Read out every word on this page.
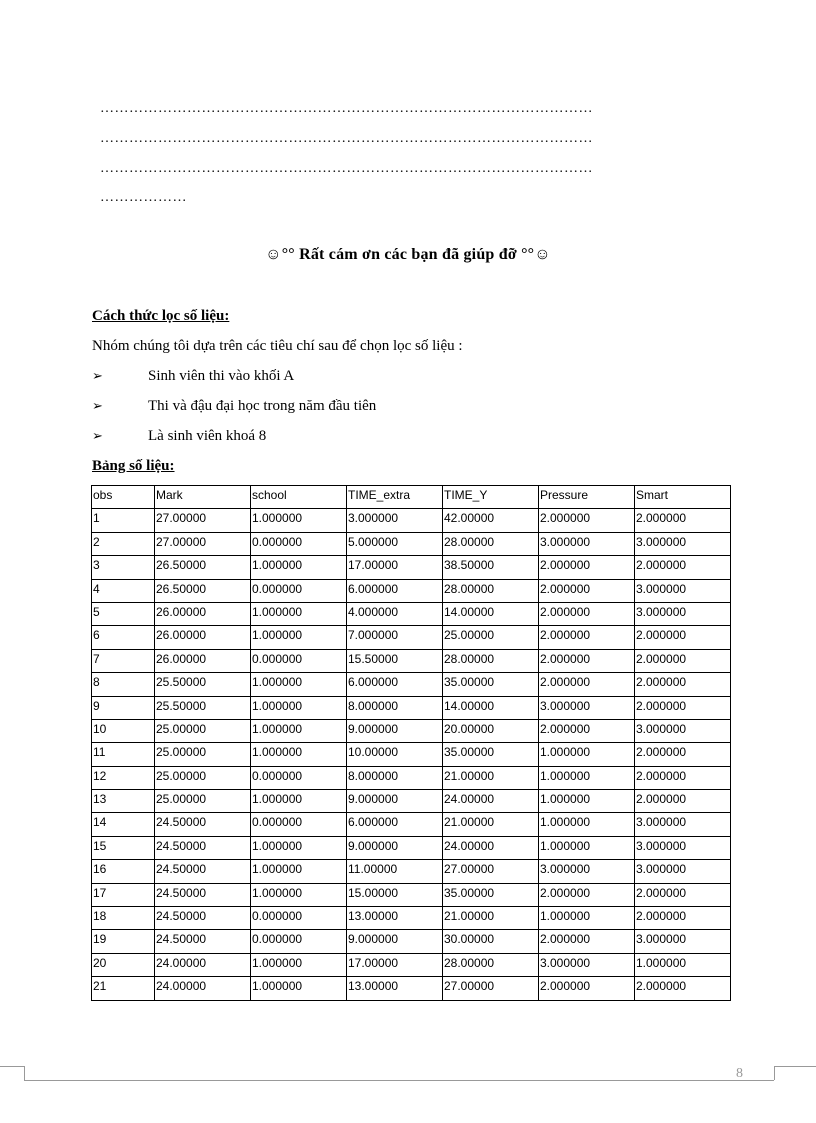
…………………………………………………………………………………………
…………………………………………………………………………………………
…………………………………………………………………………………………
………………
☺°° Rất cám ơn các bạn đã giúp đỡ °°☺
Cách thức lọc số liệu:
Nhóm chúng tôi dựa trên các tiêu chí sau để chọn lọc số liệu :
➢	Sinh viên thi vào khối A
➢	Thi và đậu đại học trong năm đầu tiên
➢	Là sinh viên khoá 8
Bảng số liệu:
obs	Mark	school	TIME_extra	TIME_Y	Pressure	Smart
1	27.00000	1.000000	3.000000	42.00000	2.000000	2.000000
2	27.00000	0.000000	5.000000	28.00000	3.000000	3.000000
3	26.50000	1.000000	17.00000	38.50000	2.000000	2.000000
4	26.50000	0.000000	6.000000	28.00000	2.000000	3.000000
5	26.00000	1.000000	4.000000	14.00000	2.000000	3.000000
6	26.00000	1.000000	7.000000	25.00000	2.000000	2.000000
7	26.00000	0.000000	15.50000	28.00000	2.000000	2.000000
8	25.50000	1.000000	6.000000	35.00000	2.000000	2.000000
9	25.50000	1.000000	8.000000	14.00000	3.000000	2.000000
10	25.00000	1.000000	9.000000	20.00000	2.000000	3.000000
11	25.00000	1.000000	10.00000	35.00000	1.000000	2.000000
12	25.00000	0.000000	8.000000	21.00000	1.000000	2.000000
13	25.00000	1.000000	9.000000	24.00000	1.000000	2.000000
14	24.50000	0.000000	6.000000	21.00000	1.000000	3.000000
15	24.50000	1.000000	9.000000	24.00000	1.000000	3.000000
16	24.50000	1.000000	11.00000	27.00000	3.000000	3.000000
17	24.50000	1.000000	15.00000	35.00000	2.000000	2.000000
18	24.50000	0.000000	13.00000	21.00000	1.000000	2.000000
19	24.50000	0.000000	9.000000	30.00000	2.000000	3.000000
20	24.00000	1.000000	17.00000	28.00000	3.000000	1.000000
21	24.00000	1.000000	13.00000	27.00000	2.000000	2.000000
8
